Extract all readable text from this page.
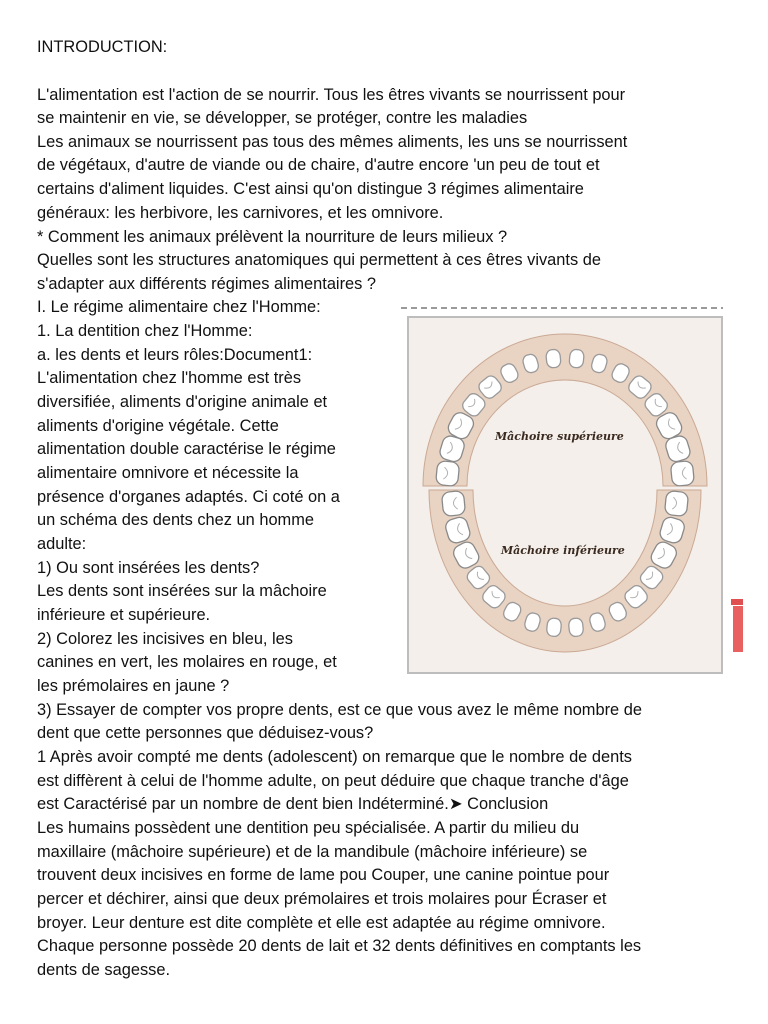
INTRODUCTION:
L'alimentation est l'action de se nourrir. Tous les êtres vivants se nourrissent pour
se maintenir en vie, se développer, se protéger, contre les maladies
Les animaux se nourrissent pas tous des mêmes aliments, les uns se nourrissent
de végétaux, d'autre de viande ou de chaire, d'autre encore 'un peu de tout et
certains d'aliment liquides. C'est ainsi qu'on distingue 3 régimes alimentaire
généraux: les herbivore, les carnivores, et les omnivore.
* Comment les animaux prélèvent la nourriture de leurs milieux ?
Quelles sont les structures anatomiques qui permettent à ces êtres vivants de
s'adapter aux différents régimes alimentaires ?
I. Le régime alimentaire chez l'Homme:
1. La dentition chez l'Homme:
a. les dents et leurs rôles:Document1:
L'alimentation chez l'homme est très
diversifiée, aliments d'origine animale et
aliments d'origine végétale. Cette
alimentation double caractérise le régime
alimentaire omnivore et nécessite la
présence d'organes adaptés. Ci coté on a
un schéma des dents chez un homme
adulte:
1) Ou sont insérées les dents?
Les dents sont insérées sur la mâchoire
inférieure et supérieure.
2) Colorez les incisives en bleu, les
canines en vert, les molaires en rouge, et
les prémolaires en jaune ?
Mâchoire supérieure
Mâchoire inférieure
3) Essayer de compter vos propre dents, est ce que vous avez le même nombre de
dent que cette personnes que déduisez-vous?
1 Après avoir compté me dents (adolescent) on remarque que le nombre de dents
est diffèrent à celui de l'homme adulte, on peut déduire que chaque tranche d'âge
est Caractérisé par un nombre de dent bien Indéterminé.➤ Conclusion
Les humains possèdent une dentition peu spécialisée. A partir du milieu du
maxillaire (mâchoire supérieure) et de la mandibule (mâchoire inférieure) se
trouvent deux incisives en forme de lame pou Couper, une canine pointue pour
percer et déchirer, ainsi que deux prémolaires et trois molaires pour Écraser et
broyer. Leur denture est dite complète et elle est adaptée au régime omnivore.
Chaque personne possède 20 dents de lait et 32 dents définitives en comptants les
dents de sagesse.
